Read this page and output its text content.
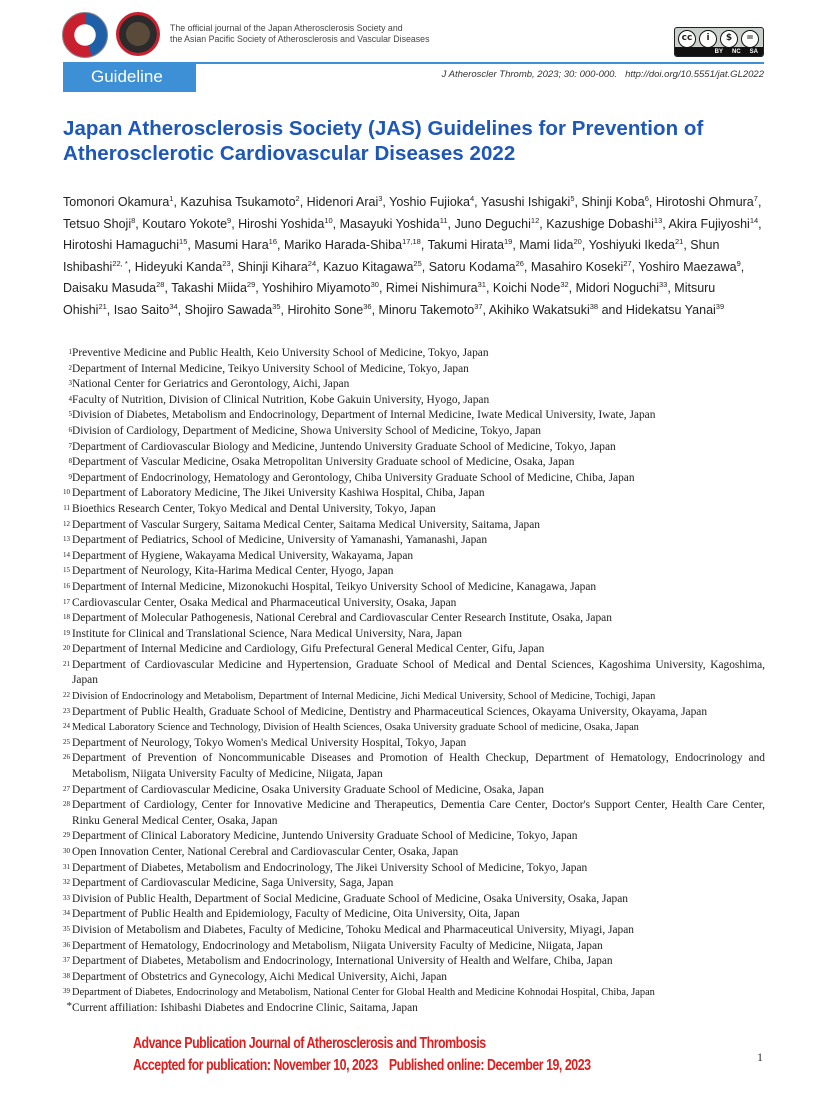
The official journal of the Japan Atherosclerosis Society and
the Asian Pacific Society of Atherosclerosis and Vascular Diseases	cc	i	$	=
BY NC SA
Guideline	J Atheroscler Thromb, 2023; 30: 000-000. http://doi.org/10.5551/jat.GL2022
Japan Atherosclerosis Society (JAS) Guidelines for Prevention of Atherosclerotic Cardiovascular Diseases 2022
Tomonori Okamura$^1$, Kazuhisa Tsukamoto$^2$, Hidenori Arai$^3$, Yoshio Fujioka$^4$, Yasushi Ishigaki$^5$, Shinji Koba$^6$, Hirotoshi Ohmura$^7$, Tetsuo Shoji$^8$, Koutaro Yokote$^9$, Hiroshi Yoshida$^{10}$, Masayuki Yoshida$^{11}$, Juno Deguchi$^{12}$, Kazushige Dobashi$^{13}$, Akira Fujiyoshi$^{14}$, Hirotoshi Hamaguchi$^{15}$, Masumi Hara$^{16}$, Mariko Harada-Shiba$^{17,18}$, Takumi Hirata$^{19}$, Mami Iida$^{20}$, Yoshiyuki Ikeda$^{21}$, Shun Ishibashi$^{22, *}$, Hideyuki Kanda$^{23}$, Shinji Kihara$^{24}$, Kazuo Kitagawa$^{25}$, Satoru Kodama$^{26}$, Masahiro Koseki$^{27}$, Yoshiro Maezawa$^9$, Daisaku Masuda$^{28}$, Takashi Miida$^{29}$, Yoshihiro Miyamoto$^{30}$, Rimei Nishimura$^{31}$, Koichi Node$^{32}$, Midori Noguchi$^{33}$, Mitsuru Ohishi$^{21}$, Isao Saito$^{34}$, Shojiro Sawada$^{35}$, Hirohito Sone$^{36}$, Minoru Takemoto$^{37}$, Akihiko Wakatsuki$^{38}$ and Hidekatsu Yanai$^{39}$
1 Preventive Medicine and Public Health, Keio University School of Medicine, Tokyo, Japan
2 Department of Internal Medicine, Teikyo University School of Medicine, Tokyo, Japan
3 National Center for Geriatrics and Gerontology, Aichi, Japan
4 Faculty of Nutrition, Division of Clinical Nutrition, Kobe Gakuin University, Hyogo, Japan
5 Division of Diabetes, Metabolism and Endocrinology, Department of Internal Medicine, Iwate Medical University, Iwate, Japan
6 Division of Cardiology, Department of Medicine, Showa University School of Medicine, Tokyo, Japan
7 Department of Cardiovascular Biology and Medicine, Juntendo University Graduate School of Medicine, Tokyo, Japan
8 Department of Vascular Medicine, Osaka Metropolitan University Graduate school of Medicine, Osaka, Japan
9 Department of Endocrinology, Hematology and Gerontology, Chiba University Graduate School of Medicine, Chiba, Japan
10 Department of Laboratory Medicine, The Jikei University Kashiwa Hospital, Chiba, Japan
11 Bioethics Research Center, Tokyo Medical and Dental University, Tokyo, Japan
12 Department of Vascular Surgery, Saitama Medical Center, Saitama Medical University, Saitama, Japan
13 Department of Pediatrics, School of Medicine, University of Yamanashi, Yamanashi, Japan
14 Department of Hygiene, Wakayama Medical University, Wakayama, Japan
15 Department of Neurology, Kita-Harima Medical Center, Hyogo, Japan
16 Department of Internal Medicine, Mizonokuchi Hospital, Teikyo University School of Medicine, Kanagawa, Japan
17 Cardiovascular Center, Osaka Medical and Pharmaceutical University, Osaka, Japan
18 Department of Molecular Pathogenesis, National Cerebral and Cardiovascular Center Research Institute, Osaka, Japan
19 Institute for Clinical and Translational Science, Nara Medical University, Nara, Japan
20 Department of Internal Medicine and Cardiology, Gifu Prefectural General Medical Center, Gifu, Japan
21 Department of Cardiovascular Medicine and Hypertension, Graduate School of Medical and Dental Sciences, Kagoshima University, Kagoshima, Japan
22 Division of Endocrinology and Metabolism, Department of Internal Medicine, Jichi Medical University, School of Medicine, Tochigi, Japan
23 Department of Public Health, Graduate School of Medicine, Dentistry and Pharmaceutical Sciences, Okayama University, Okayama, Japan
24 Medical Laboratory Science and Technology, Division of Health Sciences, Osaka University graduate School of medicine, Osaka, Japan
25 Department of Neurology, Tokyo Women's Medical University Hospital, Tokyo, Japan
26 Department of Prevention of Noncommunicable Diseases and Promotion of Health Checkup, Department of Hematology, Endocrinology and Metabolism, Niigata University Faculty of Medicine, Niigata, Japan
27 Department of Cardiovascular Medicine, Osaka University Graduate School of Medicine, Osaka, Japan
28 Department of Cardiology, Center for Innovative Medicine and Therapeutics, Dementia Care Center, Doctor's Support Center, Health Care Center, Rinku General Medical Center, Osaka, Japan
29 Department of Clinical Laboratory Medicine, Juntendo University Graduate School of Medicine, Tokyo, Japan
30 Open Innovation Center, National Cerebral and Cardiovascular Center, Osaka, Japan
31 Department of Diabetes, Metabolism and Endocrinology, The Jikei University School of Medicine, Tokyo, Japan
32 Department of Cardiovascular Medicine, Saga University, Saga, Japan
33 Division of Public Health, Department of Social Medicine, Graduate School of Medicine, Osaka University, Osaka, Japan
34 Department of Public Health and Epidemiology, Faculty of Medicine, Oita University, Oita, Japan
35 Division of Metabolism and Diabetes, Faculty of Medicine, Tohoku Medical and Pharmaceutical University, Miyagi, Japan
36 Department of Hematology, Endocrinology and Metabolism, Niigata University Faculty of Medicine, Niigata, Japan
37 Department of Diabetes, Metabolism and Endocrinology, International University of Health and Welfare, Chiba, Japan
38 Department of Obstetrics and Gynecology, Aichi Medical University, Aichi, Japan
39 Department of Diabetes, Endocrinology and Metabolism, National Center for Global Health and Medicine Kohnodai Hospital, Chiba, Japan
* Current affiliation: Ishibashi Diabetes and Endocrine Clinic, Saitama, Japan
Advance Publication Journal of Atherosclerosis and Thrombosis
Accepted for publication: November 10, 2023 Published online: December 19, 2023	1
